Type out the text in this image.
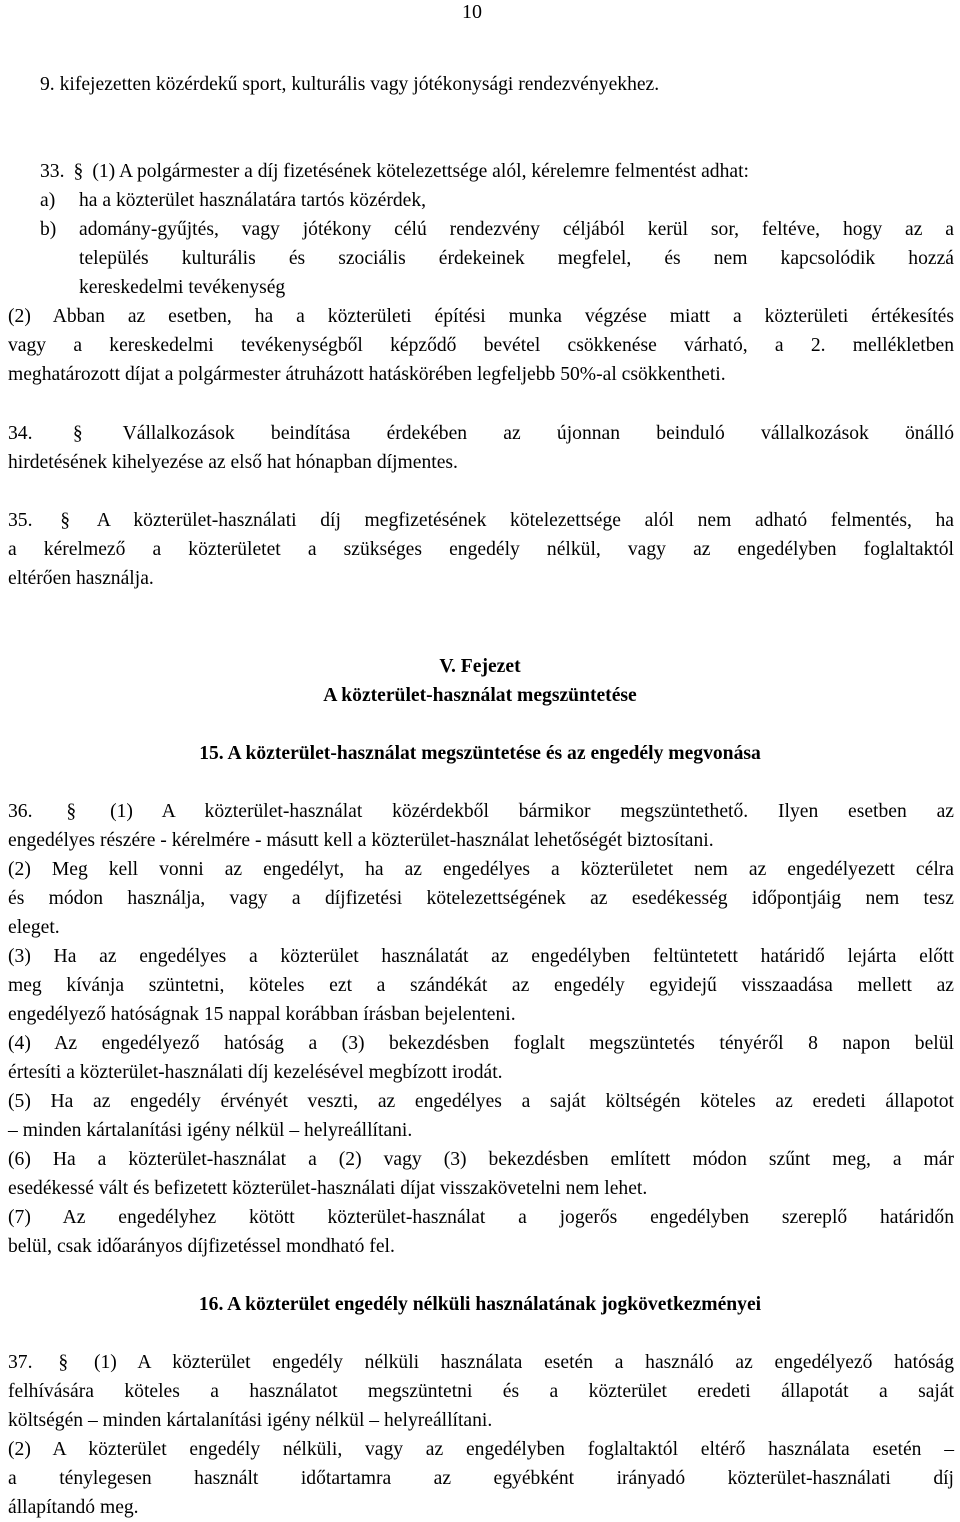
10
9. kifejezetten közérdekű sport, kulturális vagy jótékonysági rendezvényekhez.
33. § (1) A polgármester a díj fizetésének kötelezettsége alól, kérelemre felmentést adhat:
a) ha a közterület használatára tartós közérdek,
b) adomány-gyűjtés, vagy jótékony célú rendezvény céljából kerül sor, feltéve, hogy az a
település kulturális és szociális érdekeinek megfelel, és nem kapcsolódik hozzá
kereskedelmi tevékenység
(2) Abban az esetben, ha a közterületi építési munka végzése miatt a közterületi értékesítés
vagy a kereskedelmi tevékenységből képződő bevétel csökkenése várható, a 2. mellékletben
meghatározott díjat a polgármester átruházott hatáskörében legfeljebb 50%-al csökkentheti.
34. § Vállalkozások beindítása érdekében az újonnan beinduló vállalkozások önálló
hirdetésének kihelyezése az első hat hónapban díjmentes.
35. § A közterület-használati díj megfizetésének kötelezettsége alól nem adható felmentés, ha
a kérelmező a közterületet a szükséges engedély nélkül, vagy az engedélyben foglaltaktól
eltérően használja.
V. Fejezet
A közterület-használat megszüntetése
15. A közterület-használat megszüntetése és az engedély megvonása
36. § (1) A közterület-használat közérdekből bármikor megszüntethető. Ilyen esetben az
engedélyes részére - kérelmére - másutt kell a közterület-használat lehetőségét biztosítani.
(2) Meg kell vonni az engedélyt, ha az engedélyes a közterületet nem az engedélyezett célra
és módon használja, vagy a díjfizetési kötelezettségének az esedékesség időpontjáig nem tesz
eleget.
(3) Ha az engedélyes a közterület használatát az engedélyben feltüntetett határidő lejárta előtt
meg kívánja szüntetni, köteles ezt a szándékát az engedély egyidejű visszaadása mellett az
engedélyező hatóságnak 15 nappal korábban írásban bejelenteni.
(4) Az engedélyező hatóság a (3) bekezdésben foglalt megszüntetés tényéről 8 napon belül
értesíti a közterület-használati díj kezelésével megbízott irodát.
(5) Ha az engedély érvényét veszti, az engedélyes a saját költségén köteles az eredeti állapotot
– minden kártalanítási igény nélkül – helyreállítani.
(6) Ha a közterület-használat a (2) vagy (3) bekezdésben említett módon szűnt meg, a már
esedékessé vált és befizetett közterület-használati díjat visszakövetelni nem lehet.
(7) Az engedélyhez kötött közterület-használat a jogerős engedélyben szereplő határidőn
belül, csak időarányos díjfizetéssel mondható fel.
16. A közterület engedély nélküli használatának jogkövetkezményei
37. § (1) A közterület engedély nélküli használata esetén a használó az engedélyező hatóság
felhívására köteles a használatot megszüntetni és a közterület eredeti állapotát a saját
költségén – minden kártalanítási igény nélkül – helyreállítani.
(2) A közterület engedély nélküli, vagy az engedélyben foglaltaktól eltérő használata esetén –
a ténylegesen használt időtartamra az egyébként irányadó közterület-használati díj
állapítandó meg.
